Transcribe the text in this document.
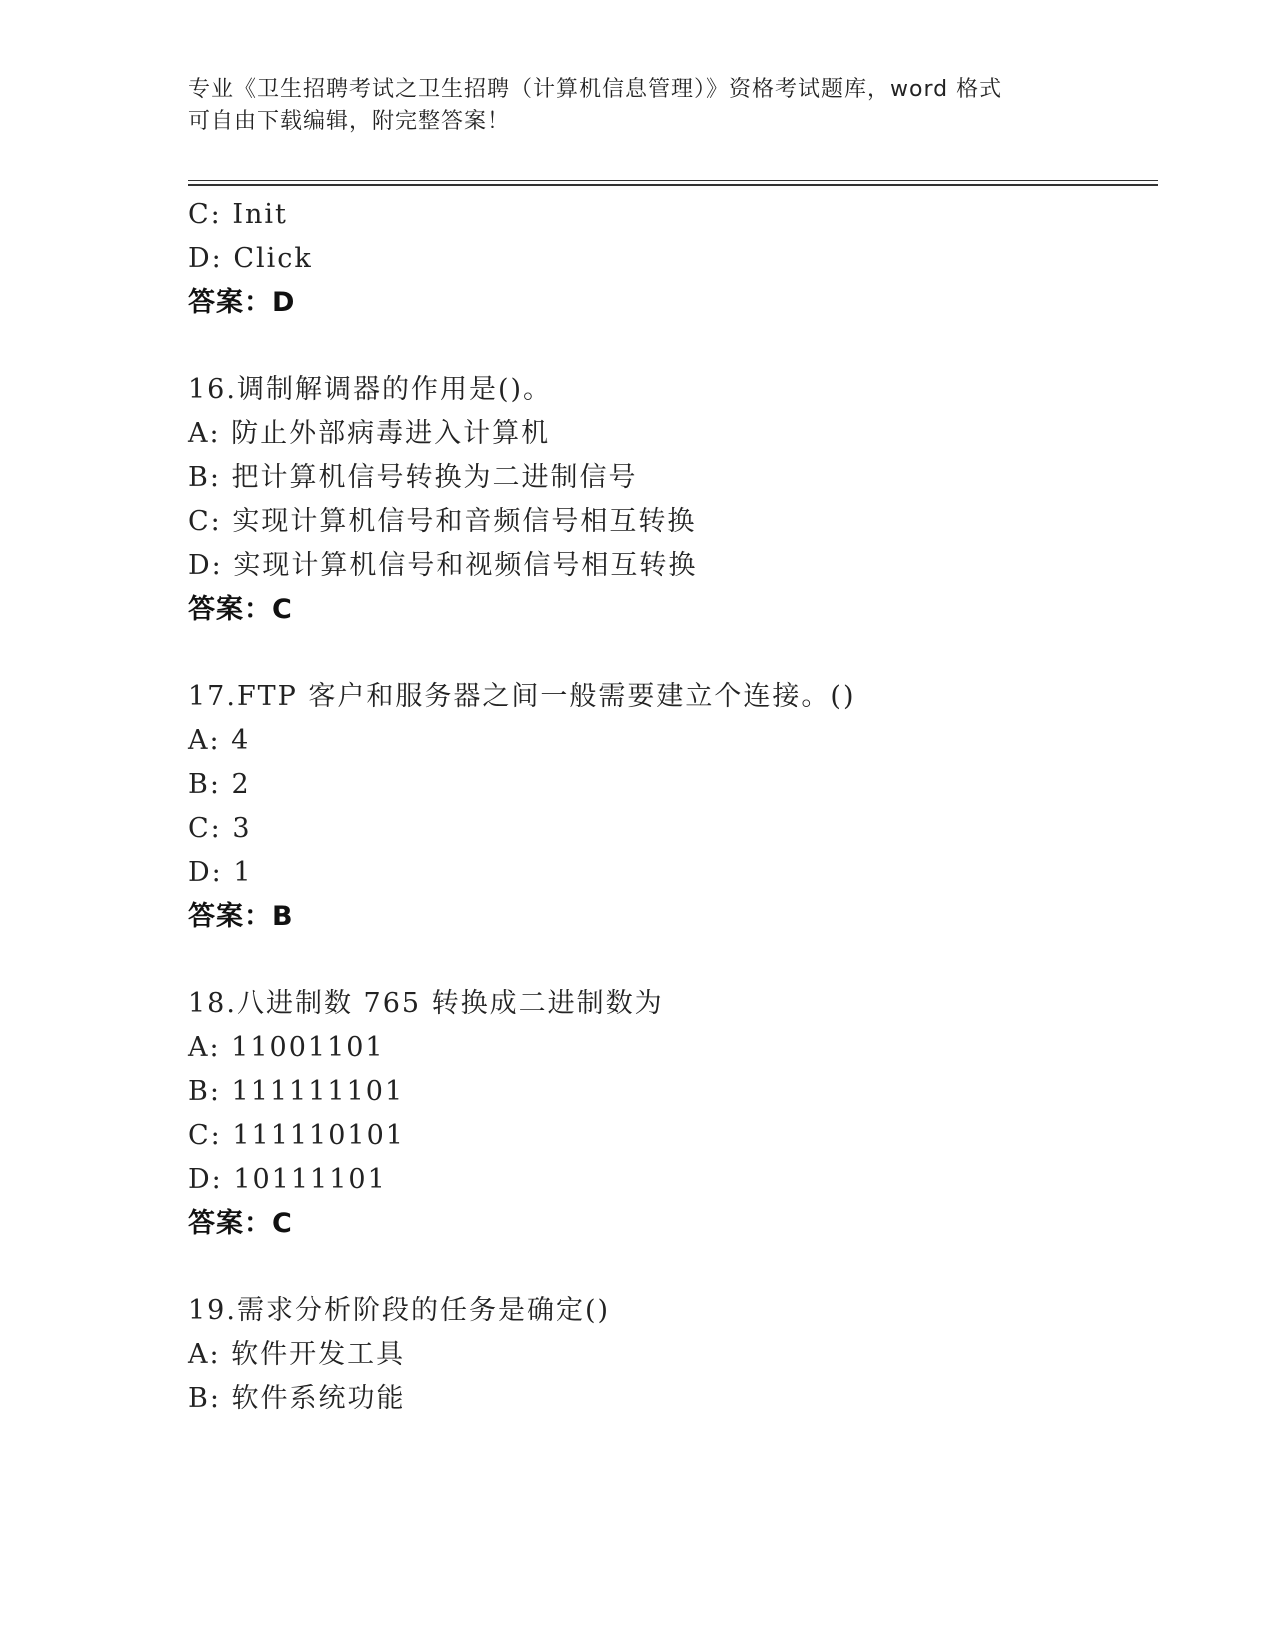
专业《卫生招聘考试之卫生招聘（计算机信息管理）》资格考试题库，word 格式
可自由下载编辑，附完整答案！
C: Init
D: Click
答案：D
16.调制解调器的作用是()。
A: 防止外部病毒进入计算机
B: 把计算机信号转换为二进制信号
C: 实现计算机信号和音频信号相互转换
D: 实现计算机信号和视频信号相互转换
答案：C
17.FTP 客户和服务器之间一般需要建立个连接。()
A: 4
B: 2
C: 3
D: 1
答案：B
18.八进制数 765 转换成二进制数为
A: 11001101
B: 111111101
C: 111110101
D: 10111101
答案：C
19.需求分析阶段的任务是确定()
A: 软件开发工具
B: 软件系统功能
